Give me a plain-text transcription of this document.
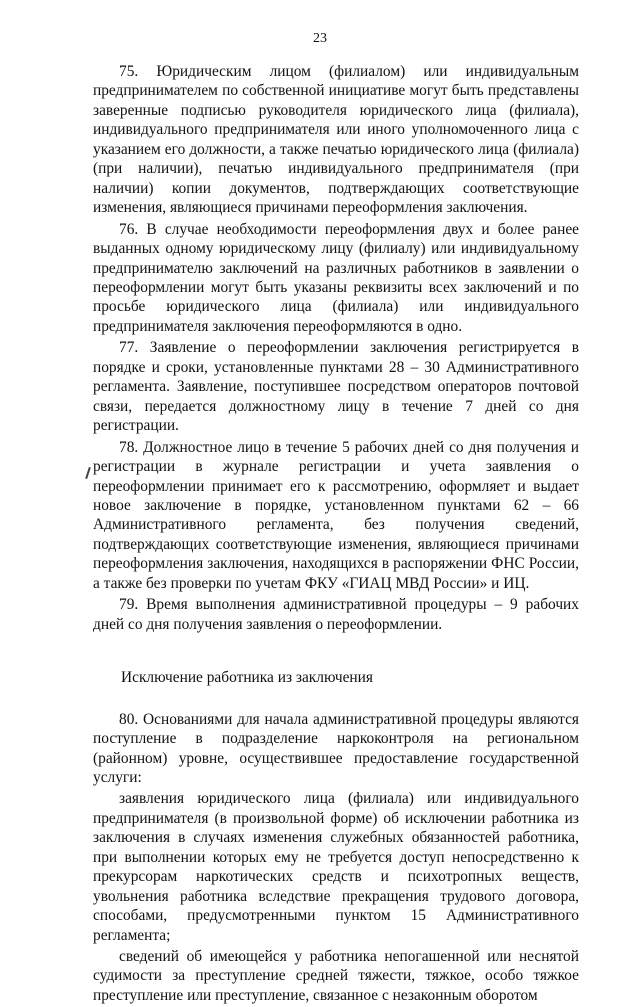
23

75. Юридическим лицом (филиалом) или индивидуальным предпринимателем по собственной инициативе могут быть представлены заверенные подписью руководителя юридического лица (филиала), индивидуального предпринимателя или иного уполномоченного лица с указанием его должности, а также печатью юридического лица (филиала) (при наличии), печатью индивидуального предпринимателя (при наличии) копии документов, подтверждающих соответствующие изменения, являющиеся причинами переоформления заключения.

76. В случае необходимости переоформления двух и более ранее выданных одному юридическому лицу (филиалу) или индивидуальному предпринимателю заключений на различных работников в заявлении о переоформлении могут быть указаны реквизиты всех заключений и по просьбе юридического лица (филиала) или индивидуального предпринимателя заключения переоформляются в одно.

77. Заявление о переоформлении заключения регистрируется в порядке и сроки, установленные пунктами 28 – 30 Административного регламента. Заявление, поступившее посредством операторов почтовой связи, передается должностному лицу в течение 7 дней со дня регистрации.

78. Должностное лицо в течение 5 рабочих дней со дня получения и регистрации в журнале регистрации и учета заявления о переоформлении принимает его к рассмотрению, оформляет и выдает новое заключение в порядке, установленном пунктами 62 – 66 Административного регламента, без получения сведений, подтверждающих соответствующие изменения, являющиеся причинами переоформления заключения, находящихся в распоряжении ФНС России, а также без проверки по учетам ФКУ «ГИАЦ МВД России» и ИЦ.

79. Время выполнения административной процедуры – 9 рабочих дней со дня получения заявления о переоформлении.

Исключение работника из заключения

80. Основаниями для начала административной процедуры являются поступление в подразделение наркоконтроля на региональном (районном) уровне, осуществившее предоставление государственной услуги:

заявления юридического лица (филиала) или индивидуального предпринимателя (в произвольной форме) об исключении работника из заключения в случаях изменения служебных обязанностей работника, при выполнении которых ему не требуется доступ непосредственно к прекурсорам наркотических средств и психотропных веществ, увольнения работника вследствие прекращения трудового договора, способами, предусмотренными пунктом 15 Административного регламента;

сведений об имеющейся у работника непогашенной или неснятой судимости за преступление средней тяжести, тяжкое, особо тяжкое преступление или преступление, связанное с незаконным оборотом
